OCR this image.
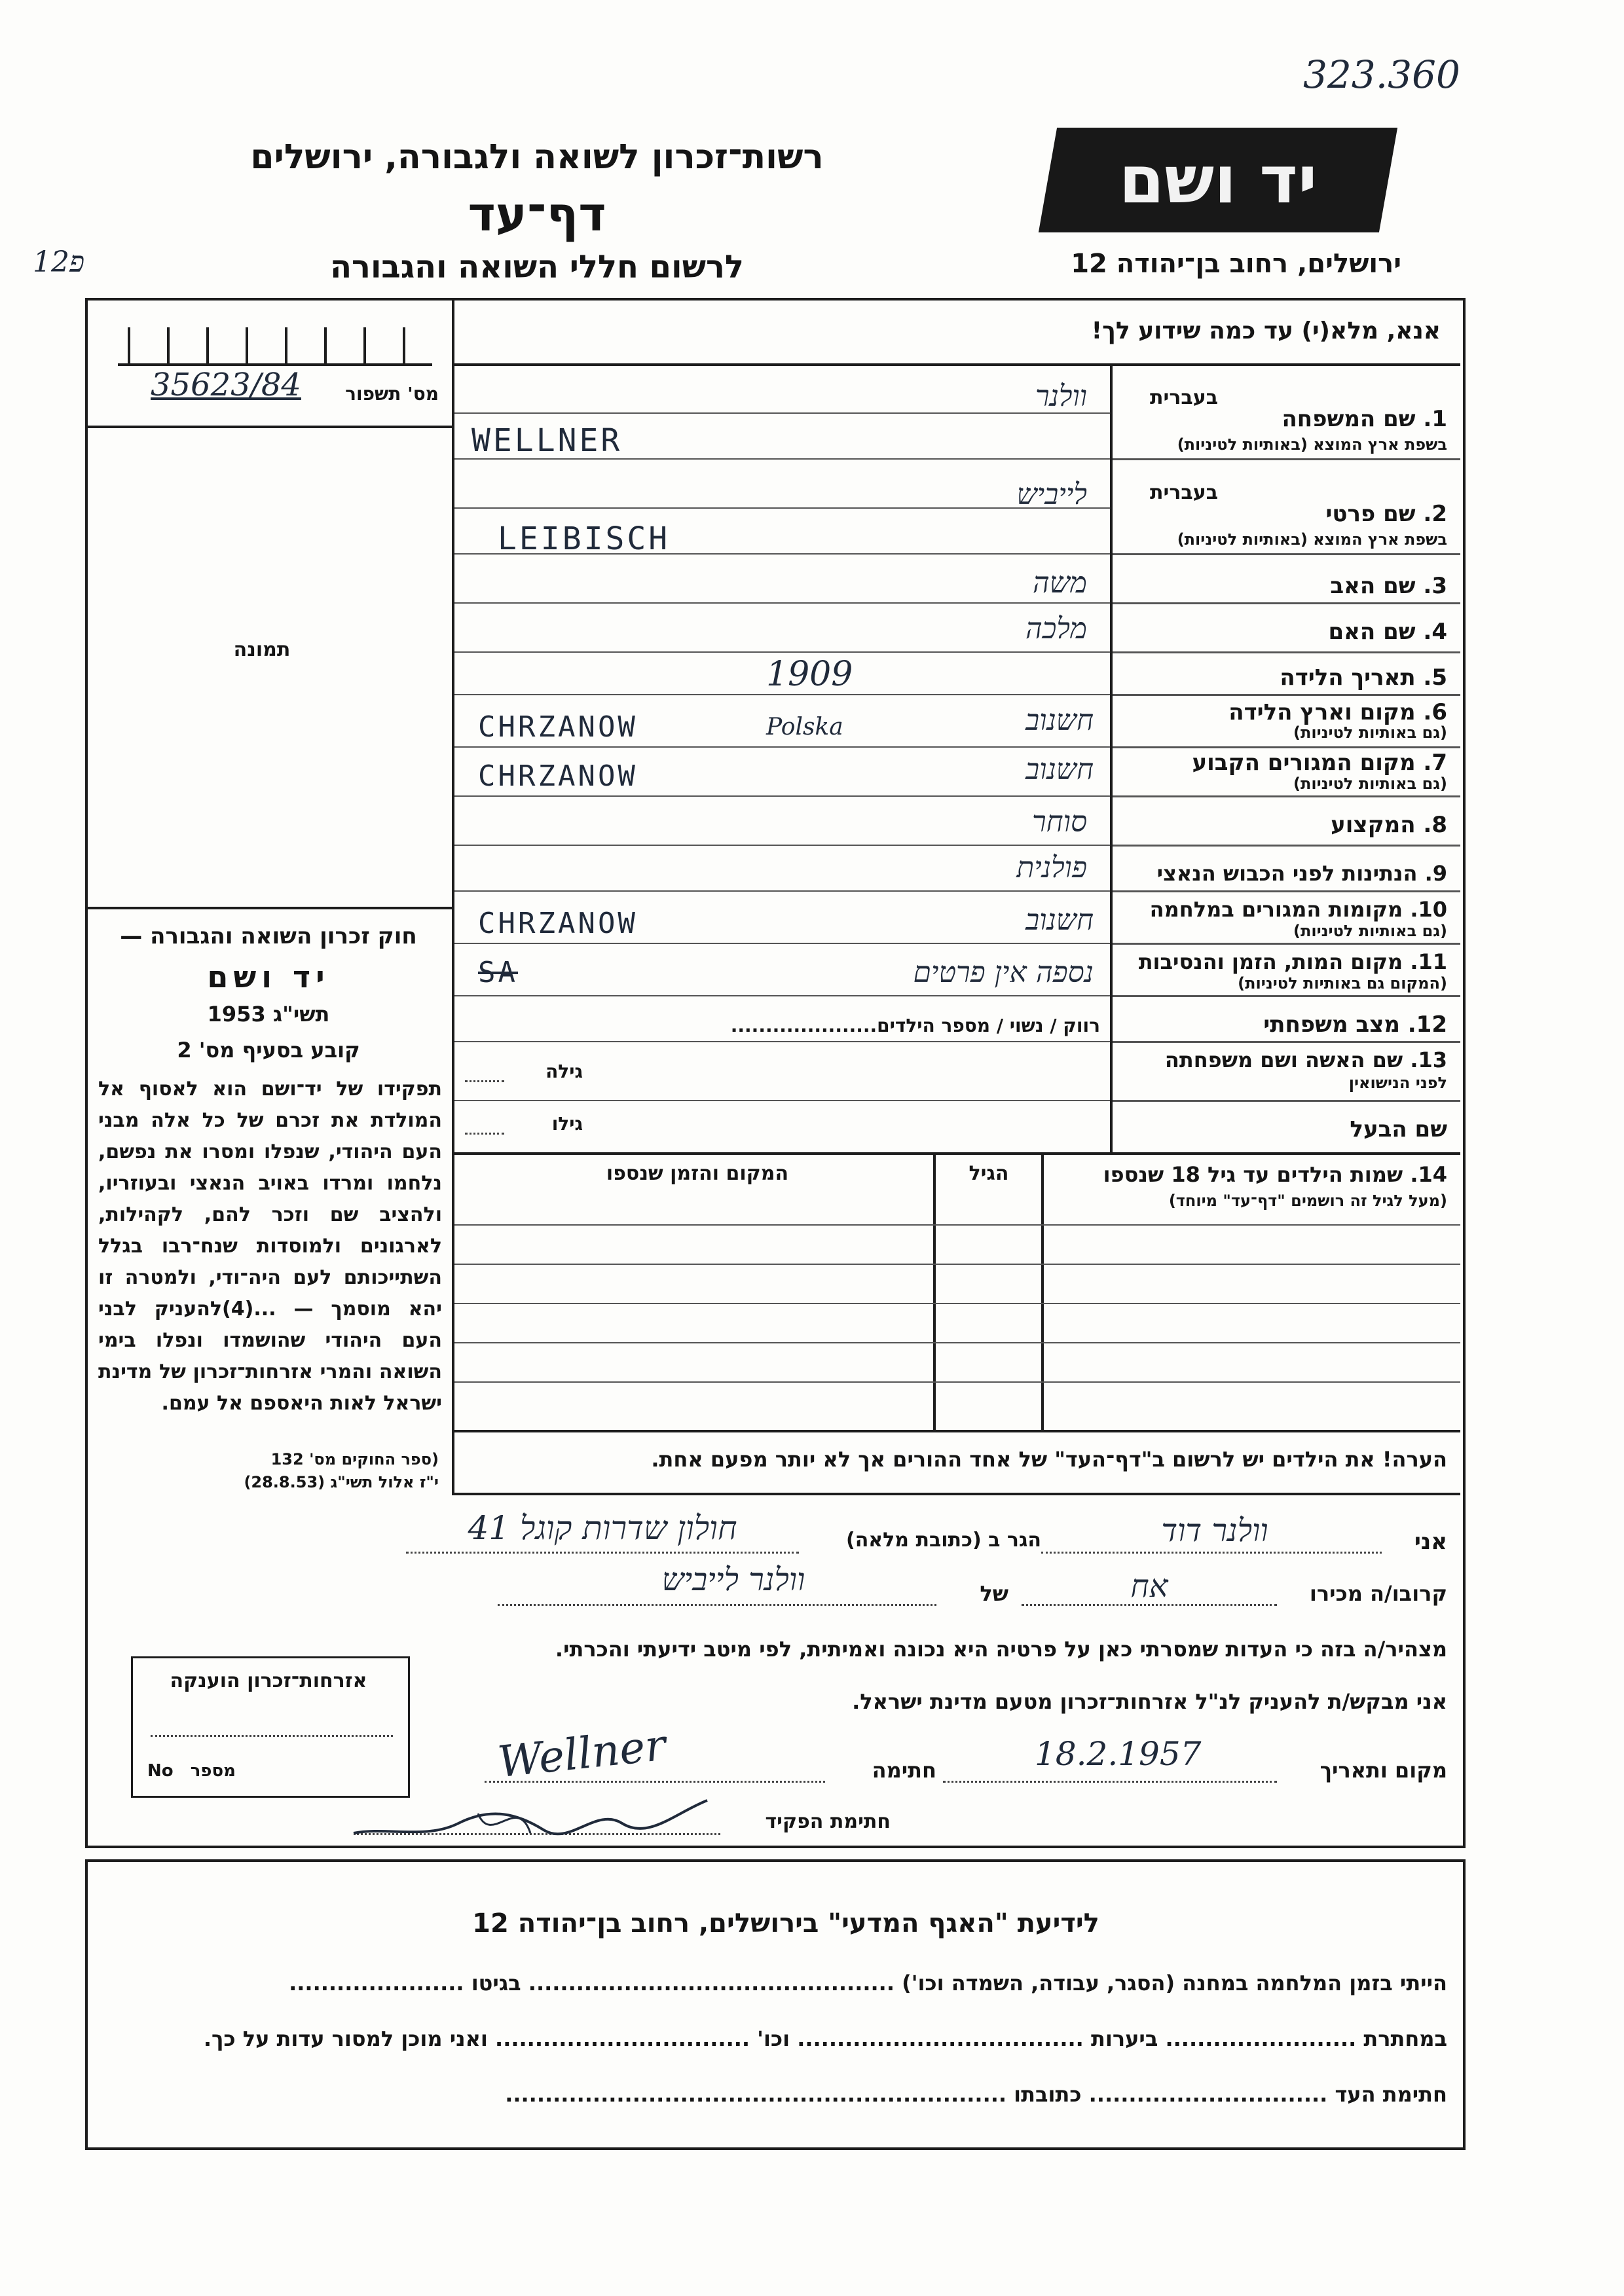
323.360
12פ
רשות־זכרון לשואה ולגבורה, ירושלים
דף־עד
לרשום חללי השואה והגבורה
יד ושם
ירושלים, רחוב בן־יהודה 12
אנא, מלא(י) עד כמה שידוע לך!
35623/84	מס' תשפור
תמונה
1. שם המשפחה
בשפת ארץ המוצא (באותיות לטיניות)
בעברית
וולנר
WELLNER
2. שם פרטי
בשפת ארץ המוצא (באותיות לטיניות)
בעברית
לייביש
LEIBISCH
3. שם האב
משה
4. שם האם
מלכה
5. תאריך הלידה
1909
6. מקום וארץ הלידה
(גם באותיות לטיניות)
חשנוב
Polska
CHRZANOW
7. מקום המגורים הקבוע
(גם באותיות לטיניות)
חשנוב
CHRZANOW
8. המקצוע
סוחר
9. הנתינות לפני הכבוש הנאצי
פולנית
10. מקומות המגורים במלחמה
(גם באותיות לטיניות)
חשנוב
CHRZANOW
11. מקום המות, הזמן והנסיבות
(המקום גם באותיות לטיניות)
נספה אין פרטים
SA
12. מצב משפחתי
רווק / נשוי / מספר הילדים.....................
13. שם האשה ושם משפחתה
לפני הנישואין
גילה
שם הבעל
גילו
14. שמות הילדים עד גיל 18 שנספו
(מעל לגיל זה רושמים "דף־עד" מיוחד)
הגיל
המקום והזמן שנספו
הערה! את הילדים יש לרשום ב"דף־העד" של אחד ההורים אך לא יותר מפעם אחת.
חוק זכרון השואה והגבורה —
יד ושם
תשי"ג 1953
קובע בסעיף מס' 2
תפקידו של יד־ושם הוא לאסוף אל המולדת את זכרם של כל אלה מבני העם היהודי, שנפלו ומסרו את נפשם, נלחמו ומרדו באויב הנאצי ובעוזריו, ולהציב שם וזכר להם, לקהילות, לארגונים ולמוסדות שנח־רבו בגלל השתייכותם לעם היה־ודי, ולמטרה זו יהא מוסמך — ...(4)להעניק לבני העם היהודי שהושמדו ונפלו בימי השואה והמרי אזרחות־זכרון של מדינת ישראל לאות היאספם אל עמם.
(ספר החוקים מס' 132
י"ז אלול תשי"ג (28.8.53)
אני
וולנר דוד
הגר ב (כתובת מלאה)
חולון שדרות קוגל 41
קרובו/ה מכירו
אח
של
וולנר לייביש
מצהיר/ה בזה כי העדות שמסרתי כאן על פרטיה היא נכונה ואמיתית, לפי מיטב ידיעתי והכרתי.
אני מבקש/ת להעניק לנ"ל אזרחות־זכרון מטעם מדינת ישראל.
מקום ותאריך
18.2.1957
חתימה
Wellner
חתימת הפקיד
אזרחות־זכרון הוענקה
No	מספר
לידיעת "האגף המדעי" בירושלים, רחוב בן־יהודה 12
הייתי בזמן המלחמה במחנה (הסגר, עבודה, השמדה וכו') .............................................. בגיטו ......................
במחתרת ........................ ביערות .................................... וכו' ................................ ואני מוכן למסור עדות על כך.
חתימת העד .............................. כתובתו ...............................................................
